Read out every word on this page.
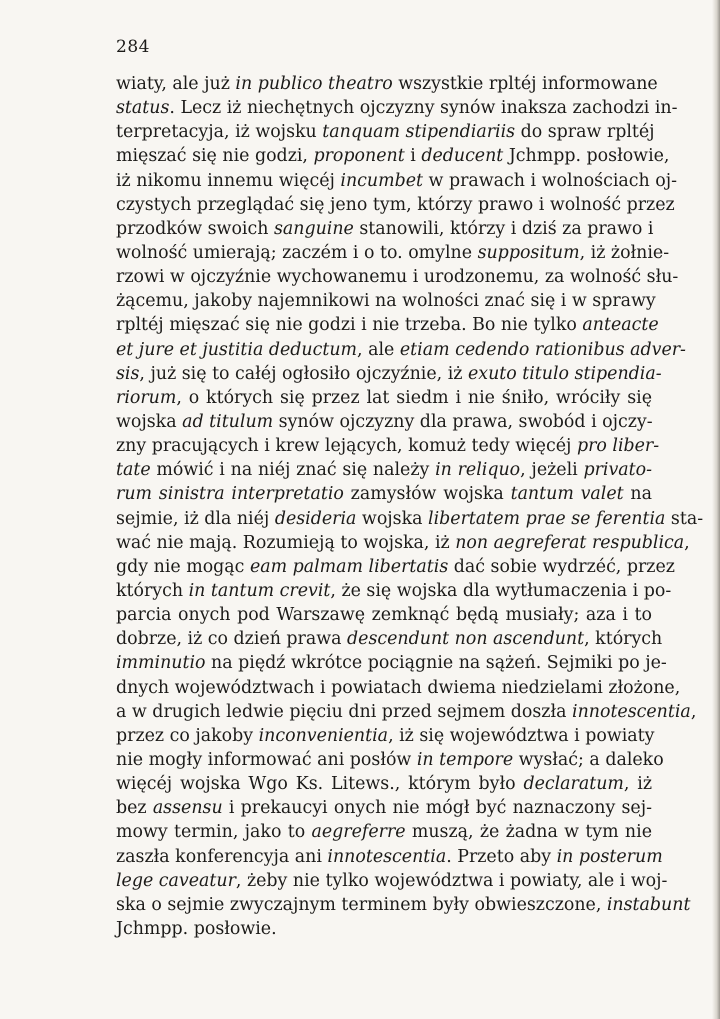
284
wiaty, ale już in publico theatro wszystkie rpltéj informowane
status. Lecz iż niechętnych ojczyzny synów inaksza zachodzi in-
terpretacyja, iż wojsku tanquam stipendiariis do spraw rpltéj
mięszać się nie godzi, proponent i deducent Jchmpp. posłowie,
iż nikomu innemu więcéj incumbet w prawach i wolnościach oj-
czystych przeglądać się jeno tym, którzy prawo i wolność przez
przodków swoich sanguine stanowili, którzy i dziś za prawo i
wolność umierają; zaczém i o to. omylne suppositum, iż żołnie-
rzowi w ojczyźnie wychowanemu i urodzonemu, za wolność słu-
żącemu, jakoby najemnikowi na wolności znać się i w sprawy
rpltéj mięszać się nie godzi i nie trzeba. Bo nie tylko anteacte
et jure et justitia deductum, ale etiam cedendo rationibus adver-
sis, już się to całéj ogłosiło ojczyźnie, iż exuto titulo stipendia-
riorum, o których się przez lat siedm i nie śniło, wróciły się
wojska ad titulum synów ojczyzny dla prawa, swobód i ojczy-
zny pracujących i krew lejących, komuż tedy więcéj pro liber-
tate mówić i na niéj znać się należy in reliquo, jeżeli privato-
rum sinistra interpretatio zamysłów wojska tantum valet na
sejmie, iż dla niéj desideria wojska libertatem prae se ferentia sta-
wać nie mają. Rozumieją to wojska, iż non aegreferat respublica,
gdy nie mogąc eam palmam libertatis dać sobie wydrzéć, przez
których in tantum crevit, że się wojska dla wytłumaczenia i po-
parcia onych pod Warszawę zemknąć będą musiały; aza i to
dobrze, iż co dzień prawa descendunt non ascendunt, których
imminutio na piędź wkrótce pociągnie na sążeń. Sejmiki po je-
dnych województwach i powiatach dwiema niedzielami złożone,
a w drugich ledwie pięciu dni przed sejmem doszła innotescentia,
przez co jakoby inconvenientia, iż się województwa i powiaty
nie mogły informować ani posłów in tempore wysłać; a daleko
więcéj wojska Wgo Ks. Litews., którym było declaratum, iż
bez assensu i prekaucyi onych nie mógł być naznaczony sej-
mowy termin, jako to aegreferre muszą, że żadna w tym nie
zaszła konferencyja ani innotescentia. Przeto aby in posterum
lege caveatur, żeby nie tylko województwa i powiaty, ale i woj-
ska o sejmie zwyczajnym terminem były obwieszczone, instabunt
Jchmpp. posłowie.
